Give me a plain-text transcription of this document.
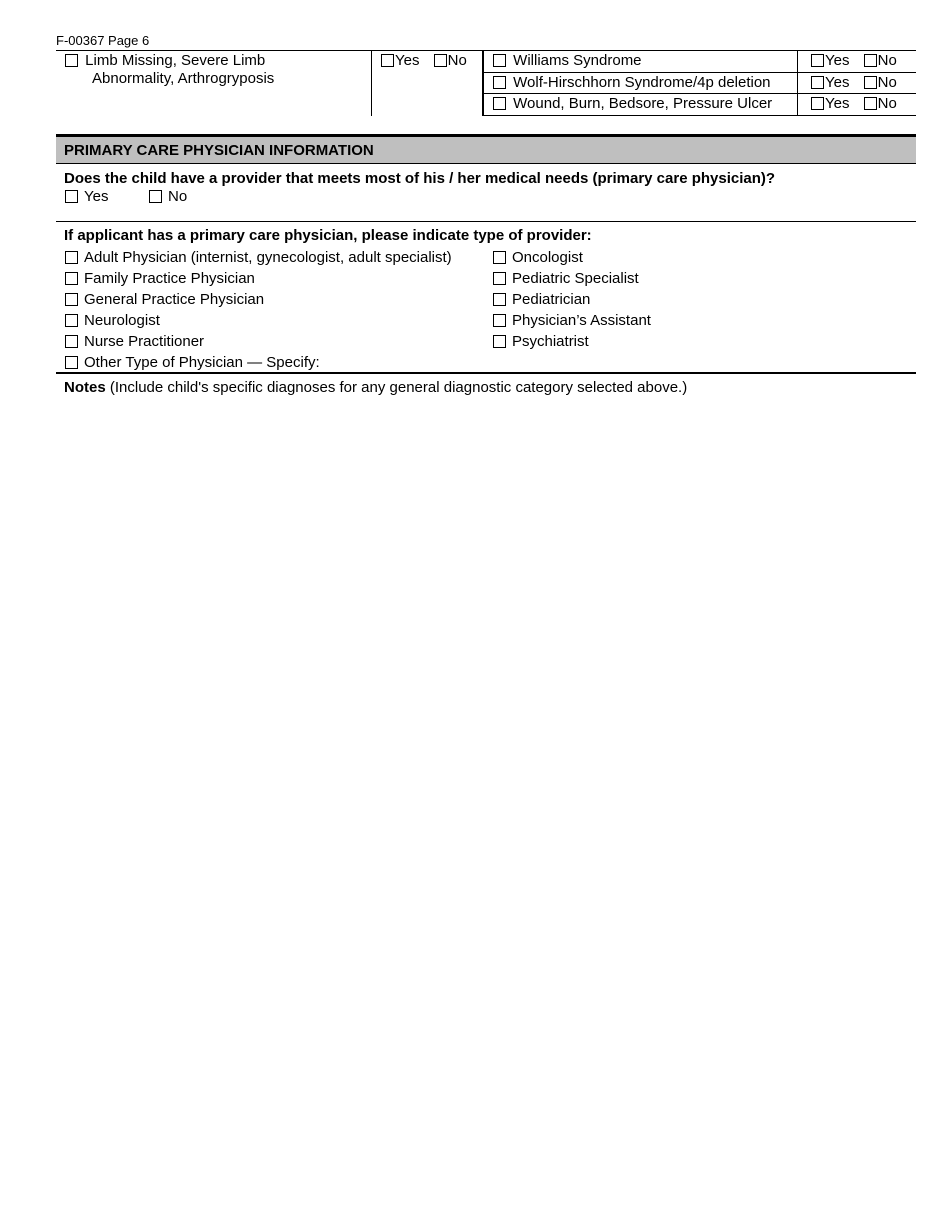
F-00367 Page 6
Limb Missing, Severe Limb
Abnormality, Arthrogryposis
Yes No	Williams Syndrome	Yes No
Wolf-Hirschhorn Syndrome/4p deletion	Yes No
Wound, Burn, Bedsore, Pressure Ulcer	Yes No
PRIMARY CARE PHYSICIAN INFORMATION
Does the child have a provider that meets most of his / her medical needs (primary care physician)?
Yes	No
If applicant has a primary care physician, please indicate type of provider:
Adult Physician (internist, gynecologist, adult specialist)
Family Practice Physician
General Practice Physician
Neurologist
Nurse Practitioner
Other Type of Physician — Specify:
Oncologist
Pediatric Specialist
Pediatrician
Physician’s Assistant
Psychiatrist
Notes (Include child's specific diagnoses for any general diagnostic category selected above.)
